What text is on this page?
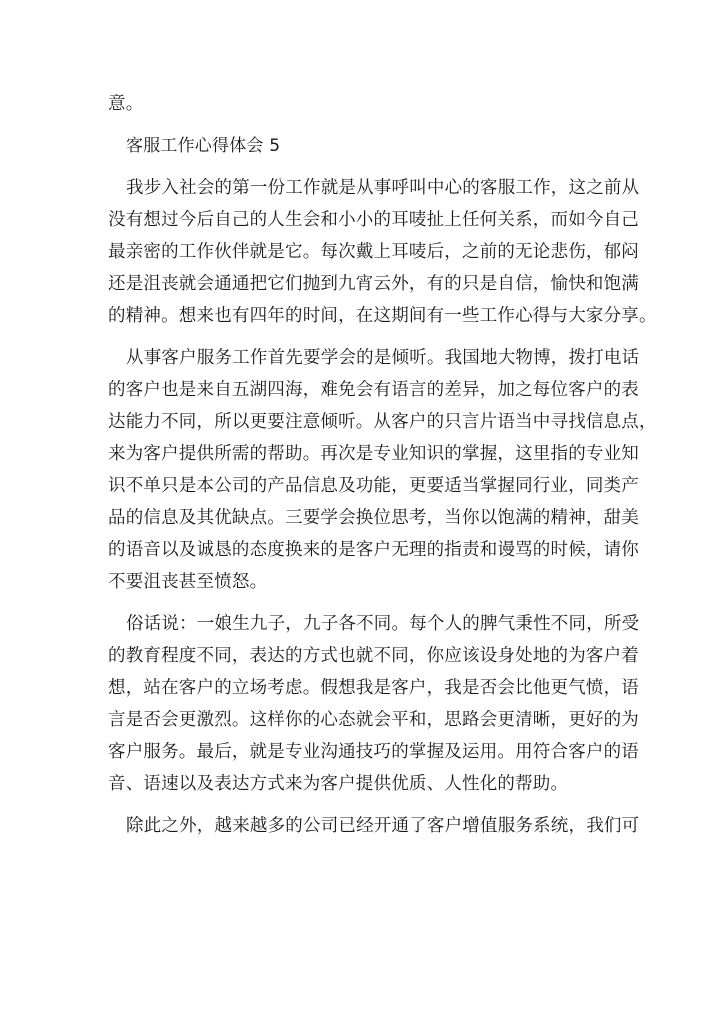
意。
客服工作心得体会 5
我步入社会的第一份工作就是从事呼叫中心的客服工作，这之前从
没有想过今后自己的人生会和小小的耳唛扯上任何关系，而如今自己
最亲密的工作伙伴就是它。每次戴上耳唛后，之前的无论悲伤，郁闷
还是沮丧就会通通把它们抛到九宵云外，有的只是自信，愉快和饱满
的精神。想来也有四年的时间，在这期间有一些工作心得与大家分享。
从事客户服务工作首先要学会的是倾听。我国地大物博，拨打电话
的客户也是来自五湖四海，难免会有语言的差异，加之每位客户的表
达能力不同，所以更要注意倾听。从客户的只言片语当中寻找信息点，
来为客户提供所需的帮助。再次是专业知识的掌握，这里指的专业知
识不单只是本公司的产品信息及功能，更要适当掌握同行业，同类产
品的信息及其优缺点。三要学会换位思考，当你以饱满的精神，甜美
的语音以及诚恳的态度换来的是客户无理的指责和谩骂的时候，请你
不要沮丧甚至愤怒。
俗话说：一娘生九子，九子各不同。每个人的脾气秉性不同，所受
的教育程度不同，表达的方式也就不同，你应该设身处地的为客户着
想，站在客户的立场考虑。假想我是客户，我是否会比他更气愤，语
言是否会更激烈。这样你的心态就会平和，思路会更清晰，更好的为
客户服务。最后，就是专业沟通技巧的掌握及运用。用符合客户的语
音、语速以及表达方式来为客户提供优质、人性化的帮助。
除此之外，越来越多的公司已经开通了客户增值服务系统，我们可
